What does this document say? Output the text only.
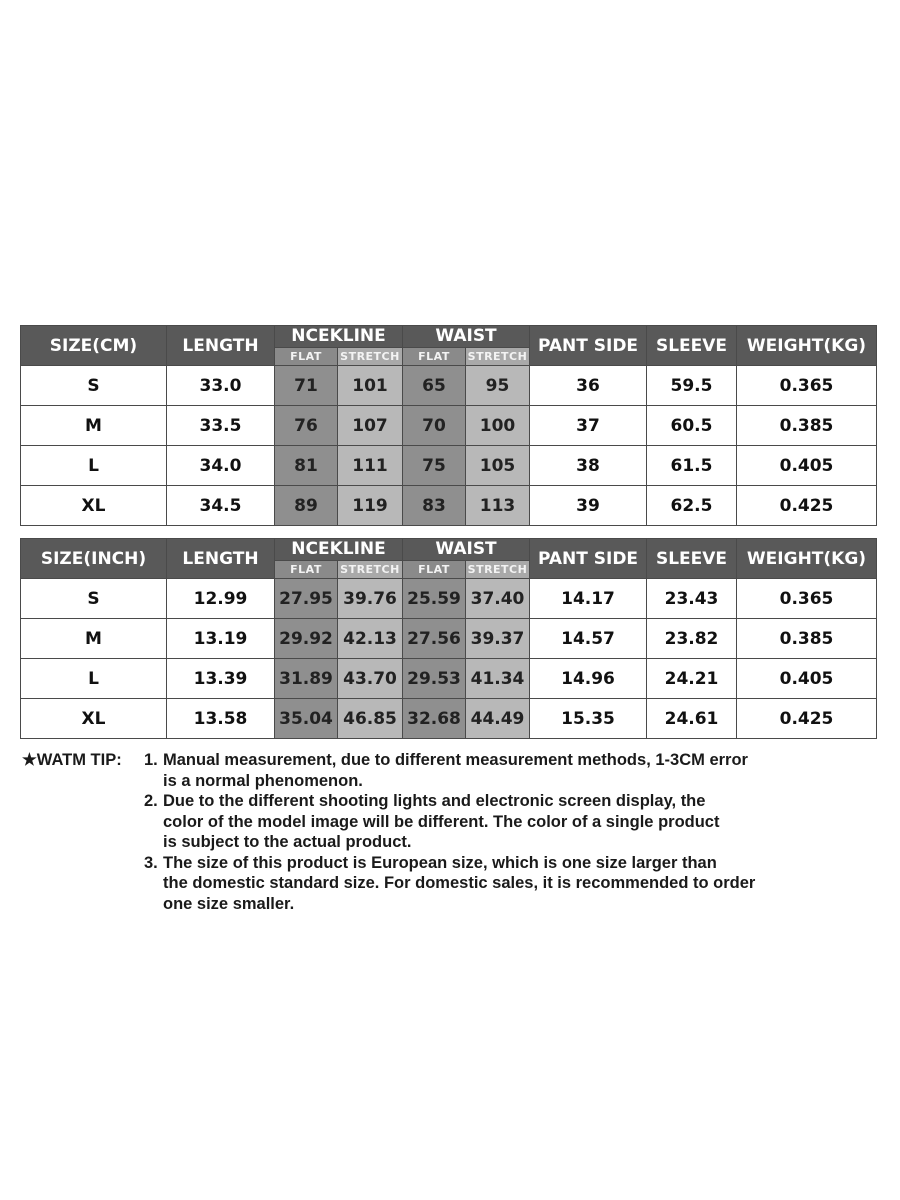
SIZE(CM)	LENGTH	NCEKLINE		WAIST		PANT SIDE	SLEEVE	WEIGHT(KG)
		FLAT	STRETCH	FLAT	STRETCH			
S	33.0	71	101	65	95	36	59.5	0.365
M	33.5	76	107	70	100	37	60.5	0.385
L	34.0	81	111	75	105	38	61.5	0.405
XL	34.5	89	119	83	113	39	62.5	0.425
SIZE(INCH)	LENGTH	NCEKLINE		WAIST		PANT SIDE	SLEEVE	WEIGHT(KG)
		FLAT	STRETCH	FLAT	STRETCH			
S	12.99	27.95	39.76	25.59	37.40	14.17	23.43	0.365
M	13.19	29.92	42.13	27.56	39.37	14.57	23.82	0.385
L	13.39	31.89	43.70	29.53	41.34	14.96	24.21	0.405
XL	13.58	35.04	46.85	32.68	44.49	15.35	24.61	0.425
★WATM TIP: 1. Manual measurement, due to different measurement methods, 1-3CM error
is a normal phenomenon.
2. Due to the different shooting lights and electronic screen display, the
color of the model image will be different. The color of a single product
is subject to the actual product.
3. The size of this product is European size, which is one size larger than
the domestic standard size. For domestic sales, it is recommended to order
one size smaller.
